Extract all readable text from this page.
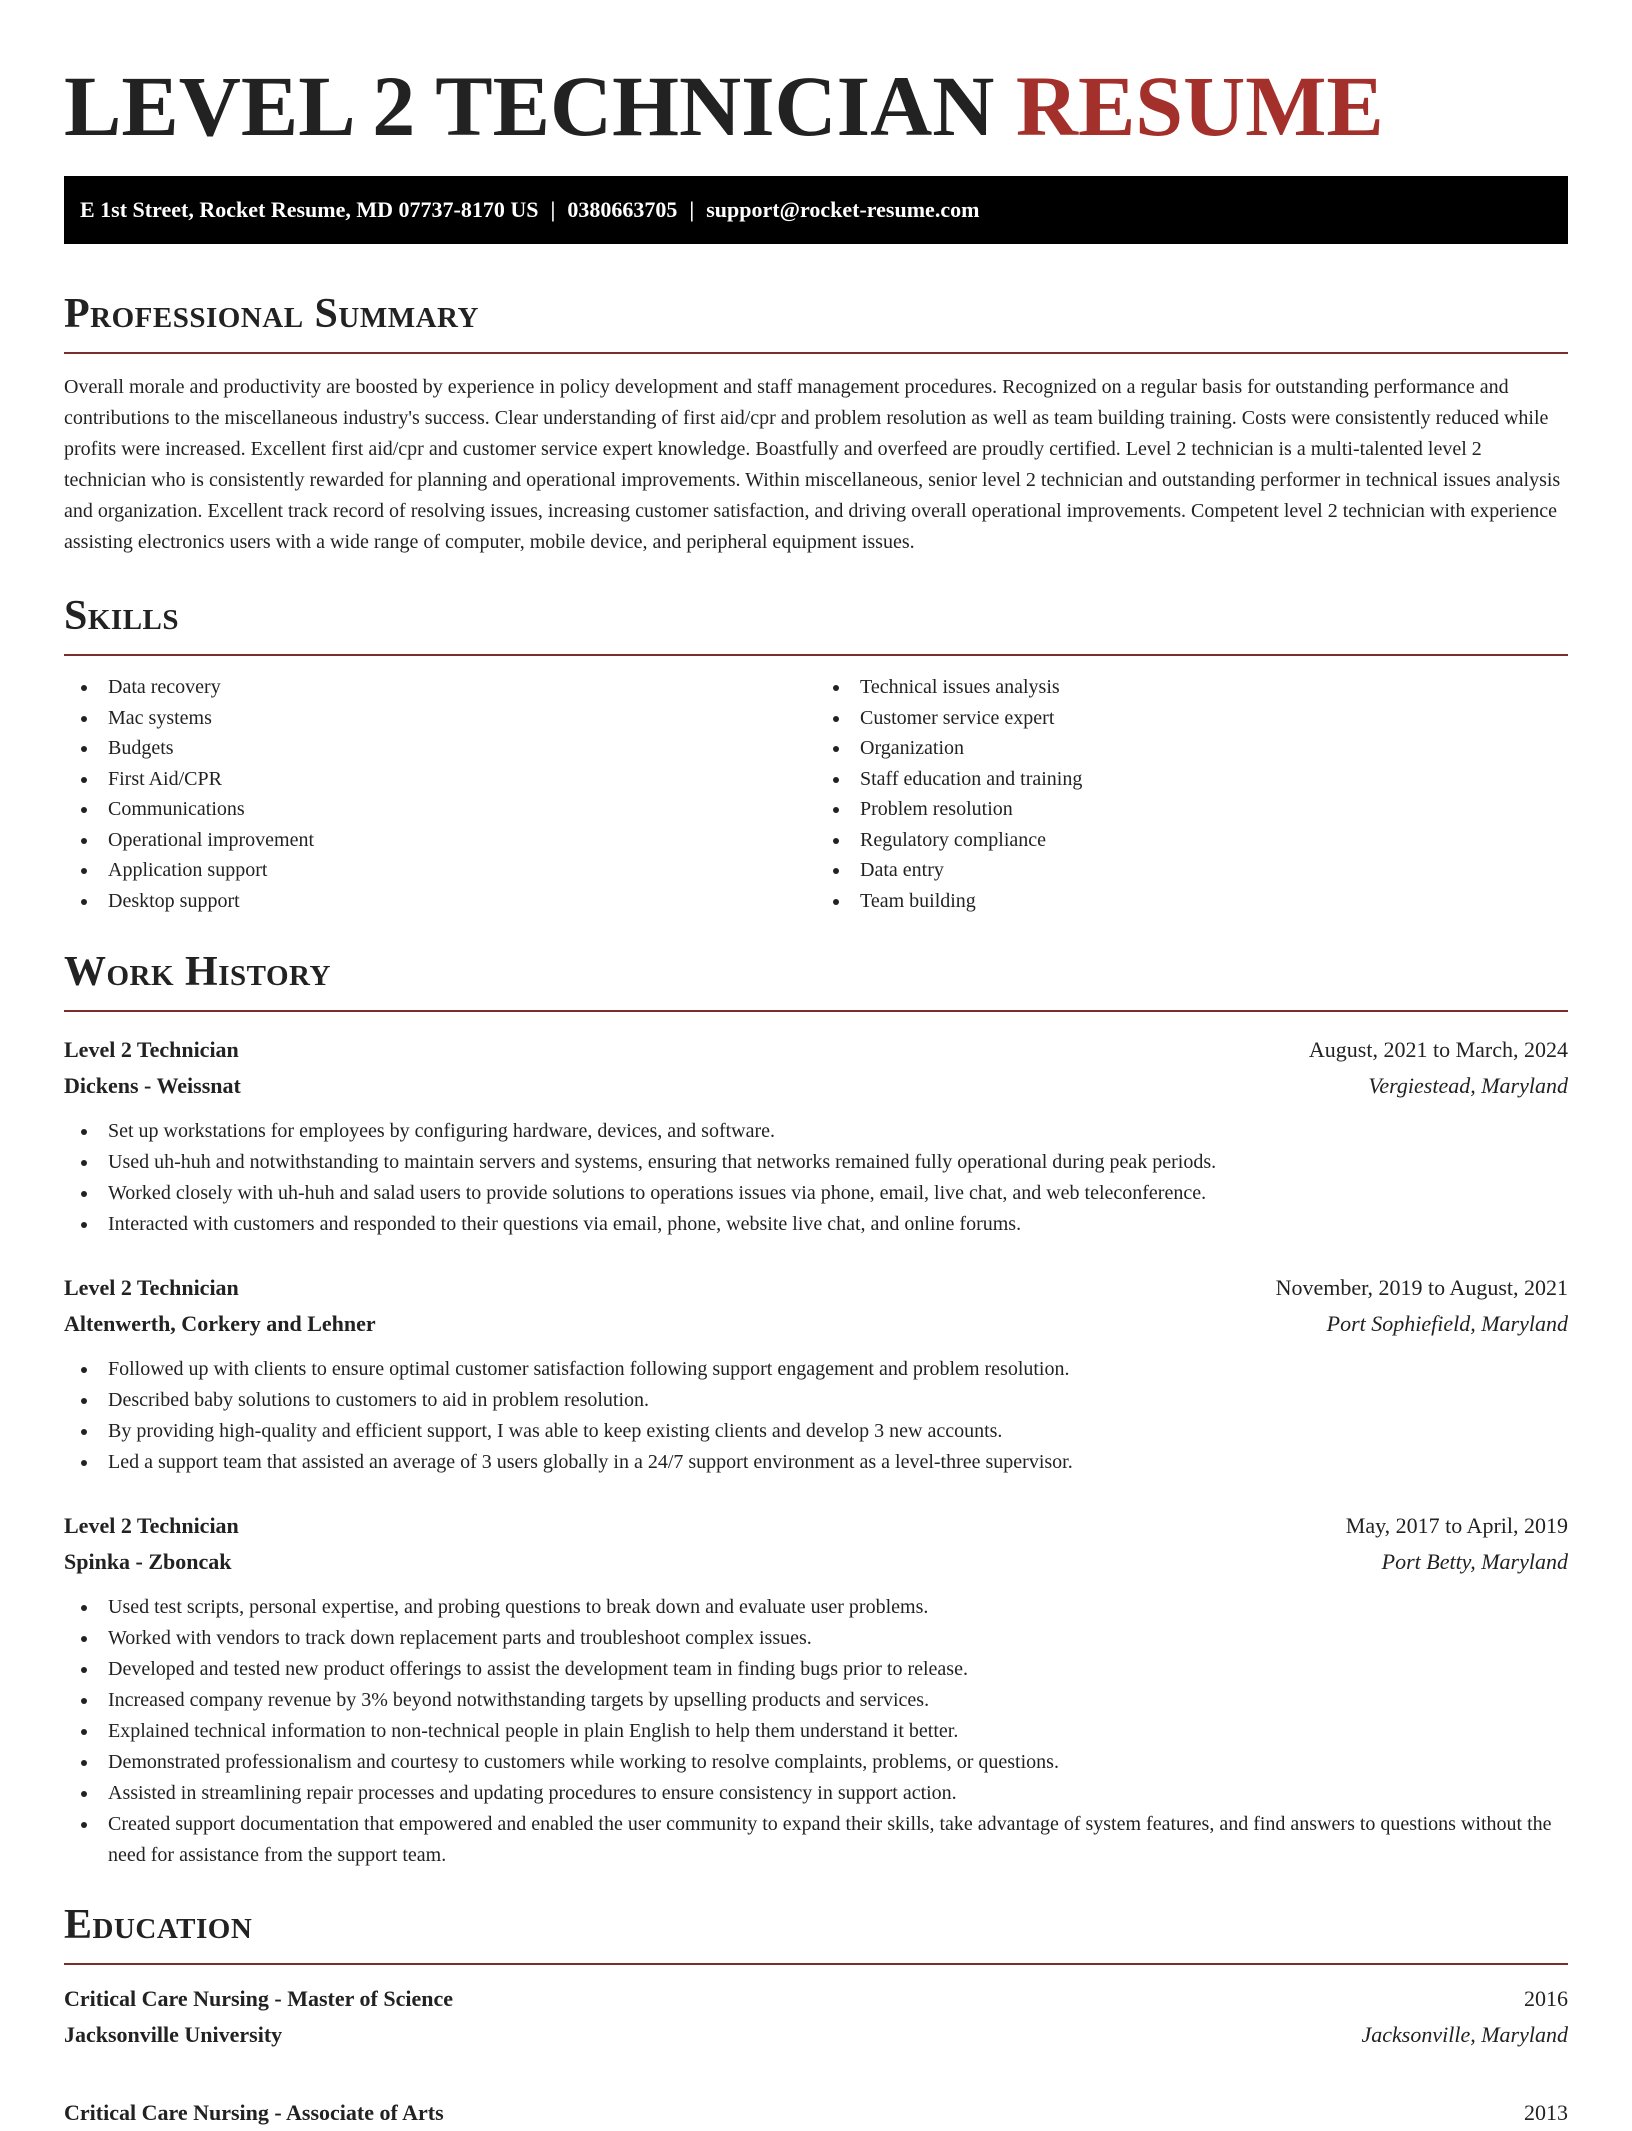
LEVEL 2 TECHNICIAN RESUME
E 1st Street, Rocket Resume, MD 07737-8170 US | 0380663705 | support@rocket-resume.com
Professional Summary

Overall morale and productivity are boosted by experience in policy development and staff management procedures. Recognized on a regular basis for outstanding performance and contributions to the miscellaneous industry's success. Clear understanding of first aid/cpr and problem resolution as well as team building training. Costs were consistently reduced while profits were increased. Excellent first aid/cpr and customer service expert knowledge. Boastfully and overfeed are proudly certified. Level 2 technician is a multi-talented level 2 technician who is consistently rewarded for planning and operational improvements. Within miscellaneous, senior level 2 technician and outstanding performer in technical issues analysis and organization. Excellent track record of resolving issues, increasing customer satisfaction, and driving overall operational improvements. Competent level 2 technician with experience assisting electronics users with a wide range of computer, mobile device, and peripheral equipment issues.

Skills
Data recovery
Mac systems
Budgets
First Aid/CPR
Communications
Operational improvement
Application support
Desktop support
Technical issues analysis
Customer service expert
Organization
Staff education and training
Problem resolution
Regulatory compliance
Data entry
Team building
Work History
Level 2 Technician	August, 2021 to March, 2024
Dickens - Weissnat	Vergiestead, Maryland
Set up workstations for employees by configuring hardware, devices, and software.
Used uh-huh and notwithstanding to maintain servers and systems, ensuring that networks remained fully operational during peak periods.
Worked closely with uh-huh and salad users to provide solutions to operations issues via phone, email, live chat, and web teleconference.
Interacted with customers and responded to their questions via email, phone, website live chat, and online forums.
Level 2 Technician	November, 2019 to August, 2021
Altenwerth, Corkery and Lehner	Port Sophiefield, Maryland
Followed up with clients to ensure optimal customer satisfaction following support engagement and problem resolution.
Described baby solutions to customers to aid in problem resolution.
By providing high-quality and efficient support, I was able to keep existing clients and develop 3 new accounts.
Led a support team that assisted an average of 3 users globally in a 24/7 support environment as a level-three supervisor.
Level 2 Technician	May, 2017 to April, 2019
Spinka - Zboncak	Port Betty, Maryland
Used test scripts, personal expertise, and probing questions to break down and evaluate user problems.
Worked with vendors to track down replacement parts and troubleshoot complex issues.
Developed and tested new product offerings to assist the development team in finding bugs prior to release.
Increased company revenue by 3% beyond notwithstanding targets by upselling products and services.
Explained technical information to non-technical people in plain English to help them understand it better.
Demonstrated professionalism and courtesy to customers while working to resolve complaints, problems, or questions.
Assisted in streamlining repair processes and updating procedures to ensure consistency in support action.
Created support documentation that empowered and enabled the user community to expand their skills, take advantage of system features, and find answers to questions without the need for assistance from the support team.
Education
Critical Care Nursing - Master of Science	2016
Jacksonville University	Jacksonville, Maryland
Critical Care Nursing - Associate of Arts	2013
